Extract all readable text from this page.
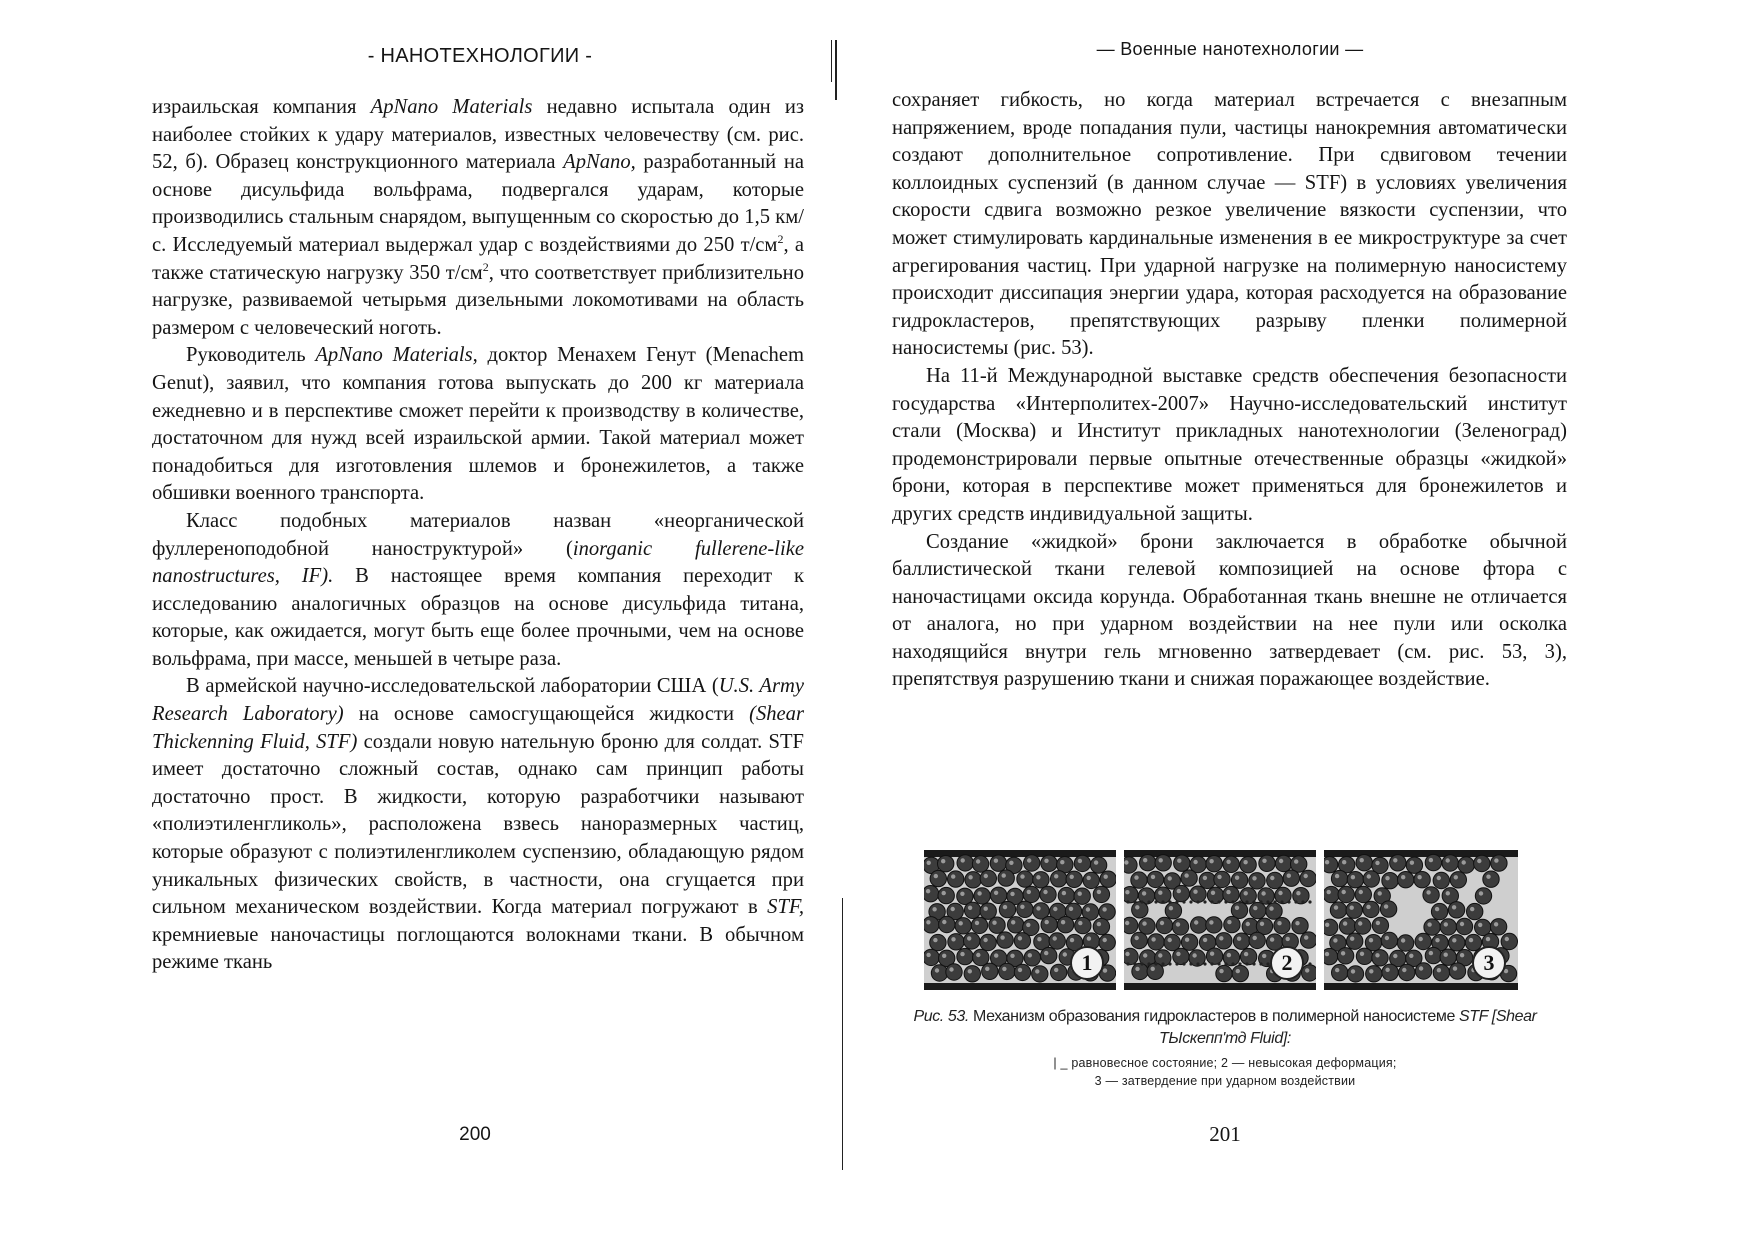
- НАНОТЕХНОЛОГИИ -

израильская компания ApNano Materials недавно испытала один из наиболее стойких к удару материалов, известных человечеству (см. рис. 52, б). Образец конструкционного материала ApNano, разработанный на основе дисульфида вольфрама, подвергался ударам, которые производились стальным снарядом, выпущенным со скоростью до 1,5 км/с. Исследуемый материал выдержал удар с воздействиями до 250 $т/см^2$, а также статическую нагрузку 350 $т/см^2$, что соответствует приблизительно нагрузке, развиваемой четырьмя дизельными локомотивами на область размером с человеческий ноготь.

Руководитель ApNano Materials, доктор Менахем Генут (Menachem Genut), заявил, что компания готова выпускать до 200 кг материала ежедневно и в перспективе сможет перейти к производству в количестве, достаточном для нужд всей израильской армии. Такой материал может понадобиться для изготовления шлемов и бронежилетов, а также обшивки военного транспорта.

Класс подобных материалов назван «неорганической фуллереноподобной наноструктурой» (inorganic fullerene-like nanostructures, IF). В настоящее время компания переходит к исследованию аналогичных образцов на основе дисульфида титана, которые, как ожидается, могут быть еще более прочными, чем на основе вольфрама, при массе, меньшей в четыре раза.

В армейской научно-исследовательской лаборатории США (U.S. Army Research Laboratory) на основе самосгущающейся жидкости (Shear Thickenning Fluid, STF) создали новую нательную броню для солдат. STF имеет достаточно сложный состав, однако сам принцип работы достаточно прост. В жидкости, которую разработчики называют «полиэтиленгликоль», расположена взвесь наноразмерных частиц, которые образуют с полиэтиленгликолем суспензию, обладающую рядом уникальных физических свойств, в частности, она сгущается при сильном механическом воздействии. Когда материал погружают в STF, кремниевые наночастицы поглощаются волокнами ткани. В обычном режиме ткань

200
— Военные нанотехнологии —

сохраняет гибкость, но когда материал встречается с внезапным напряжением, вроде попадания пули, частицы нанокремния автоматически создают дополнительное сопротивление. При сдвиговом течении коллоидных суспензий (в данном случае — STF) в условиях увеличения скорости сдвига возможно резкое увеличение вязкости суспензии, что может стимулировать кардинальные изменения в ее микроструктуре за счет агрегирования частиц. При ударной нагрузке на полимерную наносистему происходит диссипация энергии удара, которая расходуется на образование гидрокластеров, препятствующих разрыву пленки полимерной наносистемы (рис. 53).

На 11-й Международной выставке средств обеспечения безопасности государства «Интерполитех-2007» Научно-исследовательский институт стали (Москва) и Институт прикладных нанотехнологии (Зеленоград) продемонстрировали первые опытные отечественные образцы «жидкой» брони, которая в перспективе может применяться для бронежилетов и других средств индивидуальной защиты.

Создание «жидкой» брони заключается в обработке обычной баллистической ткани гелевой композицией на основе фтора с наночастицами оксида корунда. Обработанная ткань внешне не отличается от аналога, но при ударном воздействии на нее пули или осколка находящийся внутри гель мгновенно затвердевает (см. рис. 53, 3), препятствуя разрушению ткани и снижая поражающее воздействие.

1	2	3
Рис. 53. Механизм образования гидрокластеров в полимерной наносистеме STF [Shear ТЫскепп'тд Fluid]:
| _ равновесное состояние; 2 — невысокая деформация;
3 — затвердение при ударном воздействии
201
